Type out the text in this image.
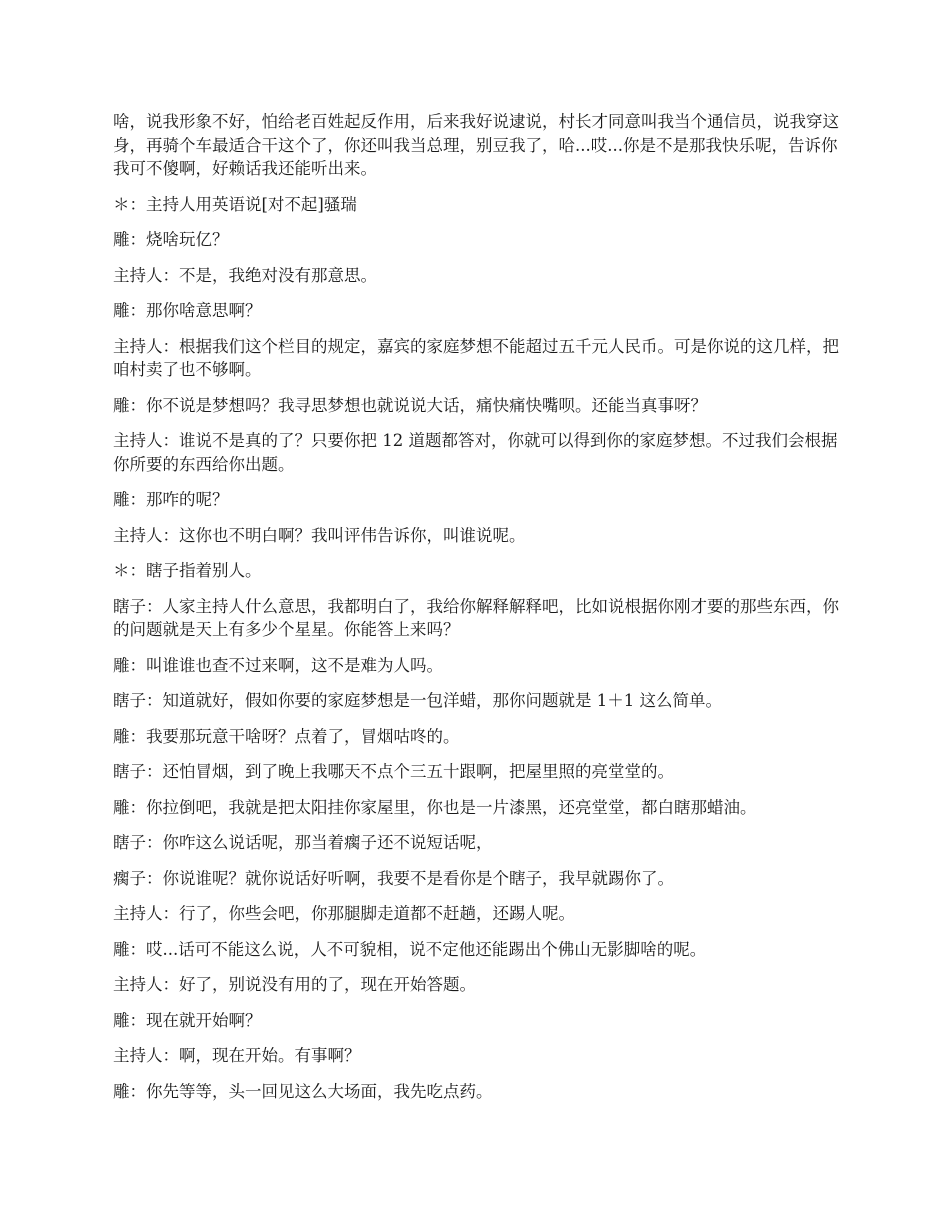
啥，说我形象不好，怕给老百姓起反作用，后来我好说逮说，村长才同意叫我当个通信员，说我穿这身，再骑个车最适合干这个了，你还叫我当总理，别豆我了，哈...哎...你是不是那我快乐呢，告诉你我可不傻啊，好赖话我还能听出来。

＊：主持人用英语说[对不起]骚瑞

雕：烧啥玩亿？

主持人：不是，我绝对没有那意思。

雕：那你啥意思啊？

主持人：根据我们这个栏目的规定，嘉宾的家庭梦想不能超过五千元人民币。可是你说的这几样，把咱村卖了也不够啊。

雕：你不说是梦想吗？我寻思梦想也就说说大话，痛快痛快嘴呗。还能当真事呀？

主持人：谁说不是真的了？只要你把 12 道题都答对，你就可以得到你的家庭梦想。不过我们会根据你所要的东西给你出题。

雕：那咋的呢？

主持人：这你也不明白啊？我叫评伟告诉你，叫谁说呢。

＊：瞎子指着别人。

瞎子：人家主持人什么意思，我都明白了，我给你解释解释吧，比如说根据你刚才要的那些东西，你的问题就是天上有多少个星星。你能答上来吗？

雕：叫谁谁也查不过来啊，这不是难为人吗。

瞎子：知道就好，假如你要的家庭梦想是一包洋蜡，那你问题就是 1＋1 这么简单。

雕：我要那玩意干啥呀？点着了，冒烟咕咚的。

瞎子：还怕冒烟，到了晚上我哪天不点个三五十跟啊，把屋里照的亮堂堂的。

雕：你拉倒吧，我就是把太阳挂你家屋里，你也是一片漆黑，还亮堂堂，都白瞎那蜡油。

瞎子：你咋这么说话呢，那当着瘸子还不说短话呢，

瘸子：你说谁呢？就你说话好听啊，我要不是看你是个瞎子，我早就踢你了。

主持人：行了，你些会吧，你那腿脚走道都不赶趟，还踢人呢。

雕：哎...话可不能这么说，人不可貌相，说不定他还能踢出个佛山无影脚啥的呢。

主持人：好了，别说没有用的了，现在开始答题。

雕：现在就开始啊？

主持人：啊，现在开始。有事啊？

雕：你先等等，头一回见这么大场面，我先吃点药。
